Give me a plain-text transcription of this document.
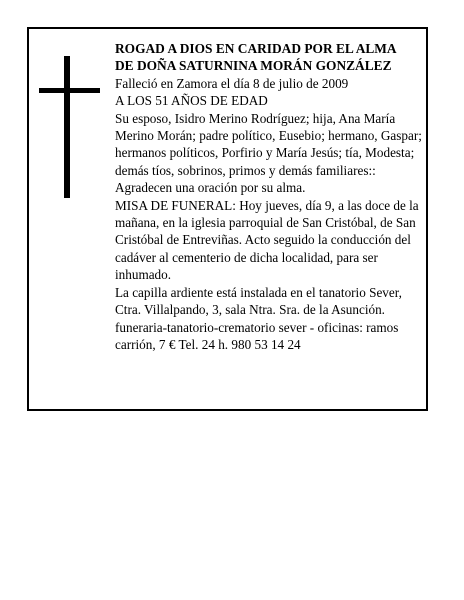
ROGAD A DIOS EN CARIDAD POR EL ALMA

DE DOÑA SATURNINA MORÁN GONZÁLEZ

Falleció en Zamora el día 8 de julio de 2009

A LOS 51 AÑOS DE EDAD

Su esposo, Isidro Merino Rodríguez; hija, Ana María Merino Morán; padre político, Eusebio; hermano, Gaspar; hermanos políticos, Porfirio y María Jesús; tía, Modesta; demás tíos, sobrinos, primos y demás familiares::

Agradecen una oración por su alma.

MISA DE FUNERAL: Hoy jueves, día 9, a las doce de la mañana, en la iglesia parroquial de San Cristóbal, de San Cristóbal de Entreviñas. Acto seguido la conducción del cadáver al cementerio de dicha localidad, para ser inhumado.

La capilla ardiente está instalada en el tanatorio Sever, Ctra. Villalpando, 3, sala Ntra. Sra. de la Asunción.

funeraria-tanatorio-crematorio sever - oficinas: ramos carrión, 7 € Tel. 24 h. 980 53 14 24
